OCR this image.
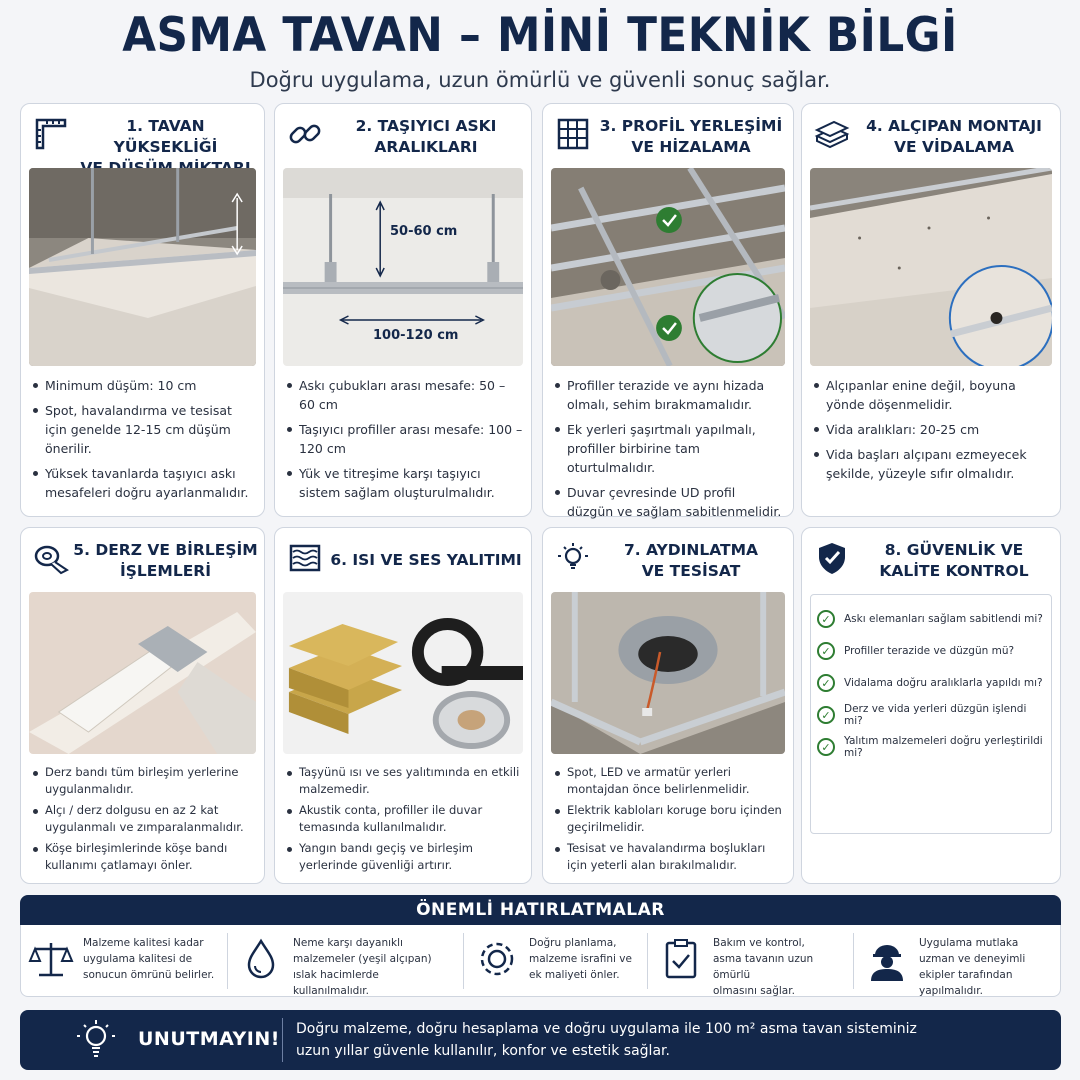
ASMA TAVAN – MİNİ TEKNİK BİLGİ
Doğru uygulama, uzun ömürlü ve güvenli sonuç sağlar.
1. TAVAN YÜKSEKLİĞİ

Minimum düşüm: 10 cm
Spot, havalandırma ve tesisat için genelde 12-15 cm düşüm önerilir.
Yüksek tavanlarda taşıyıcı askı mesafeleri doğru ayarlanmalıdır.
2. TAŞIYICI ASKI
ARALIKLARI
50-60 cm
100-120 cm
Askı çubukları arası mesafe: 50 – 60 cm
Taşıyıcı profiller arası mesafe: 100 – 120 cm
Yük ve titreşime karşı taşıyıcı sistem sağlam oluşturulmalıdır.
3. PROFİL YERLEŞİMİ
VE HİZALAMA
Profiller terazide ve aynı hizada olmalı, sehim bırakmamalıdır.
Ek yerleri şaşırtmalı yapılmalı, profiller birbirine tam oturtulmalıdır.
Duvar çevresinde UD profil düzgün ve sağlam sabitlenmelidir.
4. ALÇIPAN MONTAJI
VE VİDALAMA
Alçıpanlar enine değil, boyuna yönde döşenmelidir.
Vida aralıkları: 20-25 cm
Vida başları alçıpanı ezmeyecek şekilde, yüzeyle sıfır olmalıdır.
5. DERZ VE BİRLEŞİM
İŞLEMLERİ
Derz bandı tüm birleşim yerlerine uygulanmalıdır.
Alçı / derz dolgusu en az 2 kat uygulanmalı ve zımparalanmalıdır.
Köşe birleşimlerinde köşe bandı kullanımı çatlamayı önler.
6. ISI VE SES YALITIMI
Taşyünü ısı ve ses yalıtımında en etkili malzemedir.
Akustik conta, profiller ile duvar temasında kullanılmalıdır.
Yangın bandı geçiş ve birleşim yerlerinde güvenliği artırır.
7. AYDINLATMA
VE TESİSAT
Spot, LED ve armatür yerleri montajdan önce belirlenmelidir.
Elektrik kabloları koruge boru içinden geçirilmelidir.
Tesisat ve havalandırma boşlukları için yeterli alan bırakılmalıdır.
8. GÜVENLİK VE
KALİTE KONTROL
✓	Askı elemanları sağlam sabitlendi mi?
✓	Profiller terazide ve düzgün mü?
✓	Vidalama doğru aralıklarla yapıldı mı?
✓	Derz ve vida yerleri düzgün işlendi mi?
✓	Yalıtım malzemeleri doğru yerleştirildi mi?
ÖNEMLİ HATIRLATMALAR
Malzeme kalitesi kadar
uygulama kalitesi de
sonucun ömrünü belirler.
Neme karşı dayanıklı
malzemeler (yeşil alçıpan)
ıslak hacimlerde kullanılmalıdır.
Doğru planlama,
malzeme israfini ve
ek maliyeti önler.
Bakım ve kontrol,
asma tavanın uzun ömürlü
olmasını sağlar.
Uygulama mutlaka
uzman ve deneyimli
ekipler tarafından yapılmalıdır.
UNUTMAYIN! Doğru malzeme, doğru hesaplama ve doğru uygulama ile 100 m² asma tavan sisteminiz
uzun yıllar güvenle kullanılır, konfor ve estetik sağlar.
